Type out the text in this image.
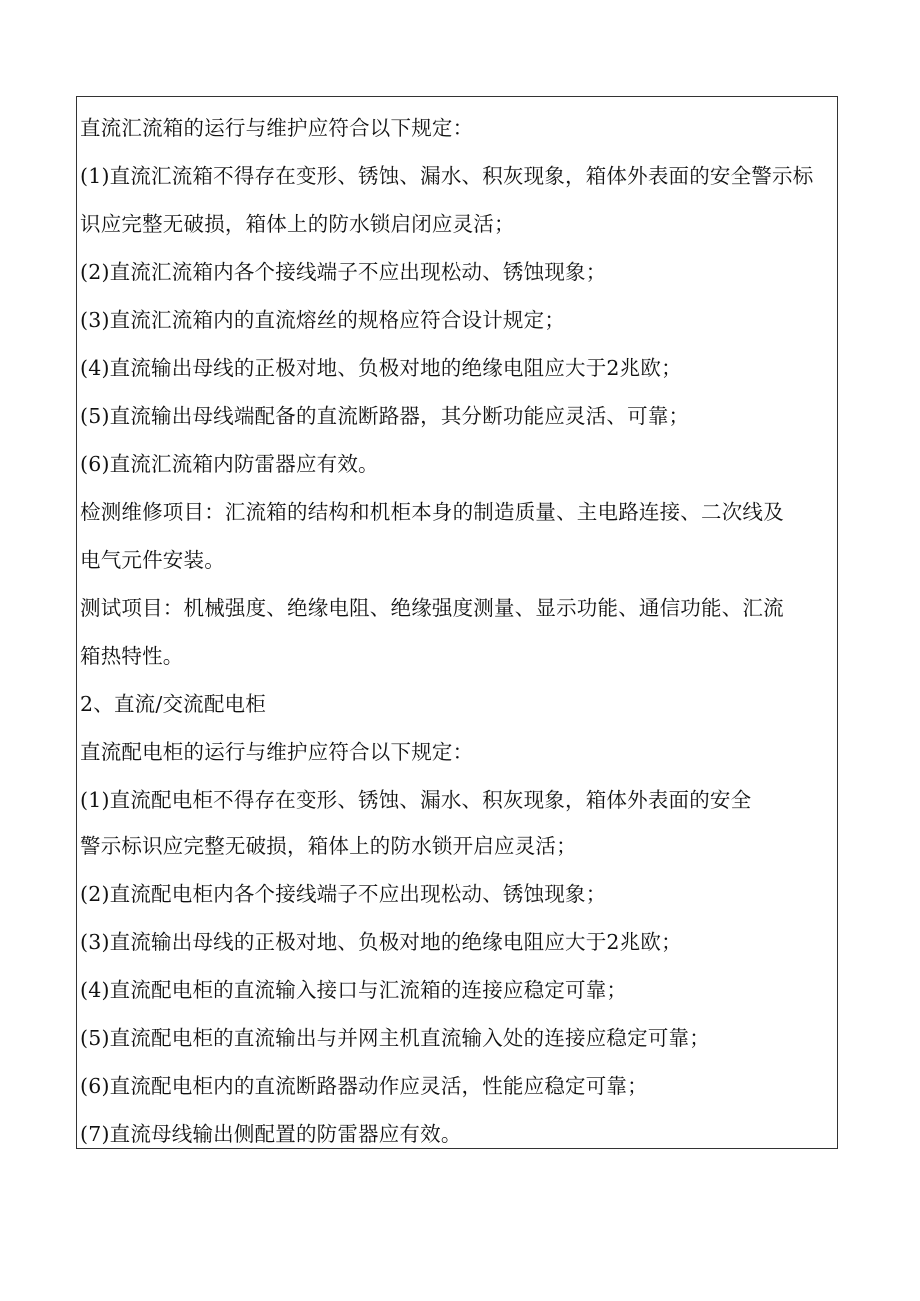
直流汇流箱的运行与维护应符合以下规定：
(1)直流汇流箱不得存在变形、锈蚀、漏水、积灰现象，箱体外表面的安全警示标
识应完整无破损，箱体上的防水锁启闭应灵活；
(2)直流汇流箱内各个接线端子不应出现松动、锈蚀现象；
(3)直流汇流箱内的直流熔丝的规格应符合设计规定；
(4)直流输出母线的正极对地、负极对地的绝缘电阻应大于2兆欧；
(5)直流输出母线端配备的直流断路器，其分断功能应灵活、可靠；
(6)直流汇流箱内防雷器应有效。
检测维修项目：汇流箱的结构和机柜本身的制造质量、主电路连接、二次线及
电气元件安装。
测试项目：机械强度、绝缘电阻、绝缘强度测量、显示功能、通信功能、汇流
箱热特性。
2、直流/交流配电柜
直流配电柜的运行与维护应符合以下规定：
(1)直流配电柜不得存在变形、锈蚀、漏水、积灰现象，箱体外表面的安全
警示标识应完整无破损，箱体上的防水锁开启应灵活；
(2)直流配电柜内各个接线端子不应出现松动、锈蚀现象；
(3)直流输出母线的正极对地、负极对地的绝缘电阻应大于2兆欧；
(4)直流配电柜的直流输入接口与汇流箱的连接应稳定可靠；
(5)直流配电柜的直流输出与并网主机直流输入处的连接应稳定可靠；
(6)直流配电柜内的直流断路器动作应灵活，性能应稳定可靠；
(7)直流母线输出侧配置的防雷器应有效。
